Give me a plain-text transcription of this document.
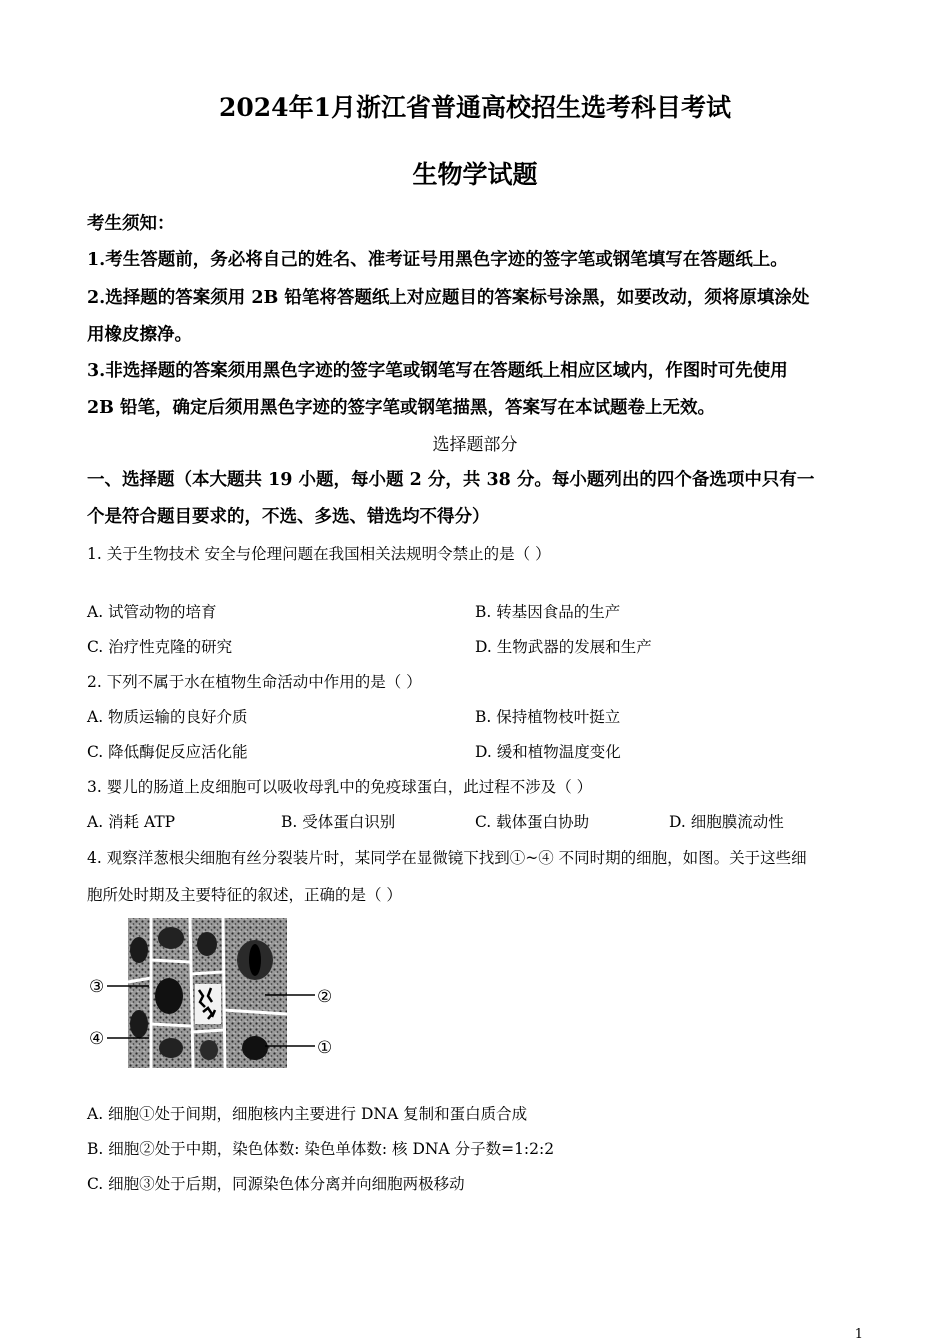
2024年1月浙江省普通高校招生选考科目考试
生物学试题
考生须知：
1.考生答题前，务必将自己的姓名、准考证号用黑色字迹的签字笔或钢笔填写在答题纸上。
2.选择题的答案须用 2B 铅笔将答题纸上对应题目的答案标号涂黑，如要改动，须将原填涂处
用橡皮擦净。
3.非选择题的答案须用黑色字迹的签字笔或钢笔写在答题纸上相应区域内，作图时可先使用
2B 铅笔，确定后须用黑色字迹的签字笔或钢笔描黑，答案写在本试题卷上无效。
选择题部分
一、选择题（本大题共 19 小题，每小题 2 分，共 38 分。每小题列出的四个备选项中只有一
个是符合题目要求的，不选、多选、错选均不得分）
1. 关于生物技术 安全与伦理问题在我国相关法规明令禁止的是（ ）
A. 试管动物的培育	B. 转基因食品的生产
C. 治疗性克隆的研究	D. 生物武器的发展和生产
2. 下列不属于水在植物生命活动中作用的是（ ）
A. 物质运输的良好介质	B. 保持植物枝叶挺立
C. 降低酶促反应活化能	D. 缓和植物温度变化
3. 婴儿的肠道上皮细胞可以吸收母乳中的免疫球蛋白，此过程不涉及（ ）
A. 消耗 ATP	B. 受体蛋白识别	C. 载体蛋白协助	D. 细胞膜流动性
4. 观察洋葱根尖细胞有丝分裂装片时，某同学在显微镜下找到①~④ 不同时期的细胞，如图。关于这些细
胞所处时期及主要特征的叙述，正确的是（ ）
③
④
②
①
A. 细胞①处于间期，细胞核内主要进行 DNA 复制和蛋白质合成
B. 细胞②处于中期，染色体数: 染色单体数: 核 DNA 分子数=1:2:2
C. 细胞③处于后期，同源染色体分离并向细胞两极移动
1
